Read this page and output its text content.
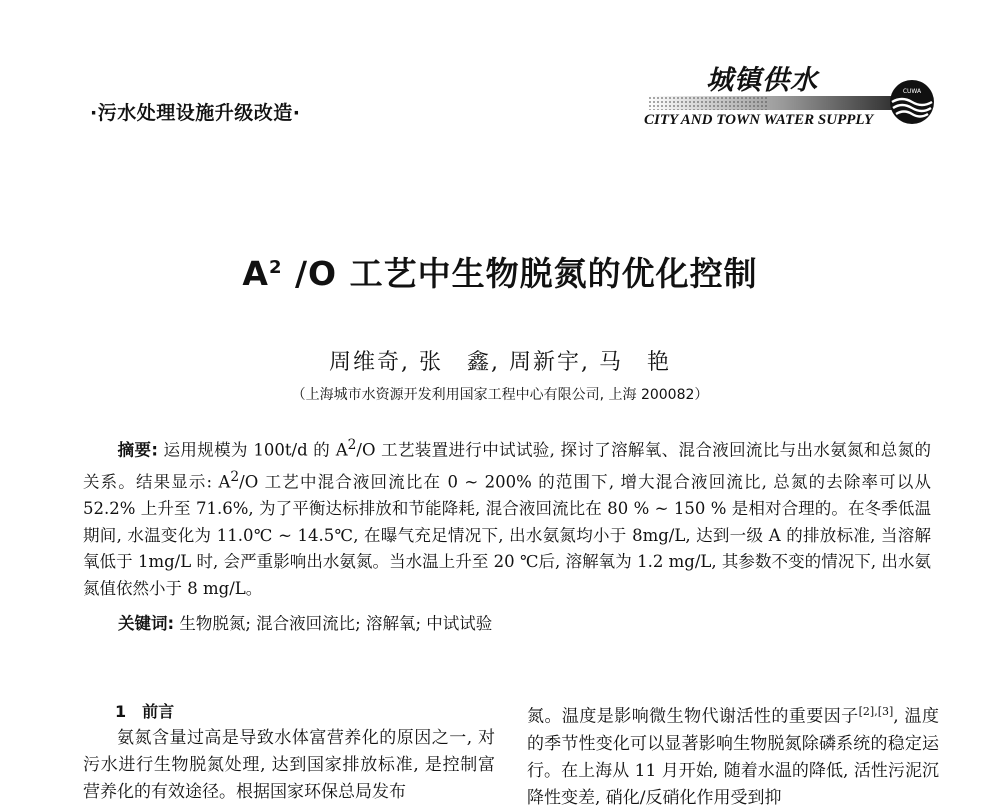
·污水处理设施升级改造·
城镇供水
CITY AND TOWN WATER SUPPLY
CUWA
$A^2$ /O 工艺中生物脱氮的优化控制
周维奇, 张　鑫, 周新宇, 马　艳
（上海城市水资源开发利用国家工程中心有限公司, 上海 200082）
摘要: 运用规模为 100t/d 的 $A^2/O$ 工艺装置进行中试试验, 探讨了溶解氧、混合液回流比与出水氨氮和总氮的关系。结果显示: $A^2/O$ 工艺中混合液回流比在 0 ~ 200% 的范围下, 增大混合液回流比, 总氮的去除率可以从 52.2% 上升至 71.6%, 为了平衡达标排放和节能降耗, 混合液回流比在 80 % ~ 150 % 是相对合理的。在冬季低温期间, 水温变化为 11.0℃ ~ 14.5℃, 在曝气充足情况下, 出水氨氮均小于 8mg/L, 达到一级 A 的排放标准, 当溶解氧低于 1mg/L 时, 会严重影响出水氨氮。当水温上升至 20 ℃后, 溶解氧为 1.2 mg/L, 其参数不变的情况下, 出水氨氮值依然小于 8 mg/L。
关键词: 生物脱氮; 混合液回流比; 溶解氧; 中试试验
1　前言
氨氮含量过高是导致水体富营养化的原因之一, 对污水进行生物脱氮处理, 达到国家排放标准, 是控制富营养化的有效途径。根据国家环保总局发布
氮。温度是影响微生物代谢活性的重要因子[2],[3], 温度的季节性变化可以显著影响生物脱氮除磷系统的稳定运行。在上海从 11 月开始, 随着水温的降低, 活性污泥沉降性变差, 硝化/反硝化作用受到抑
